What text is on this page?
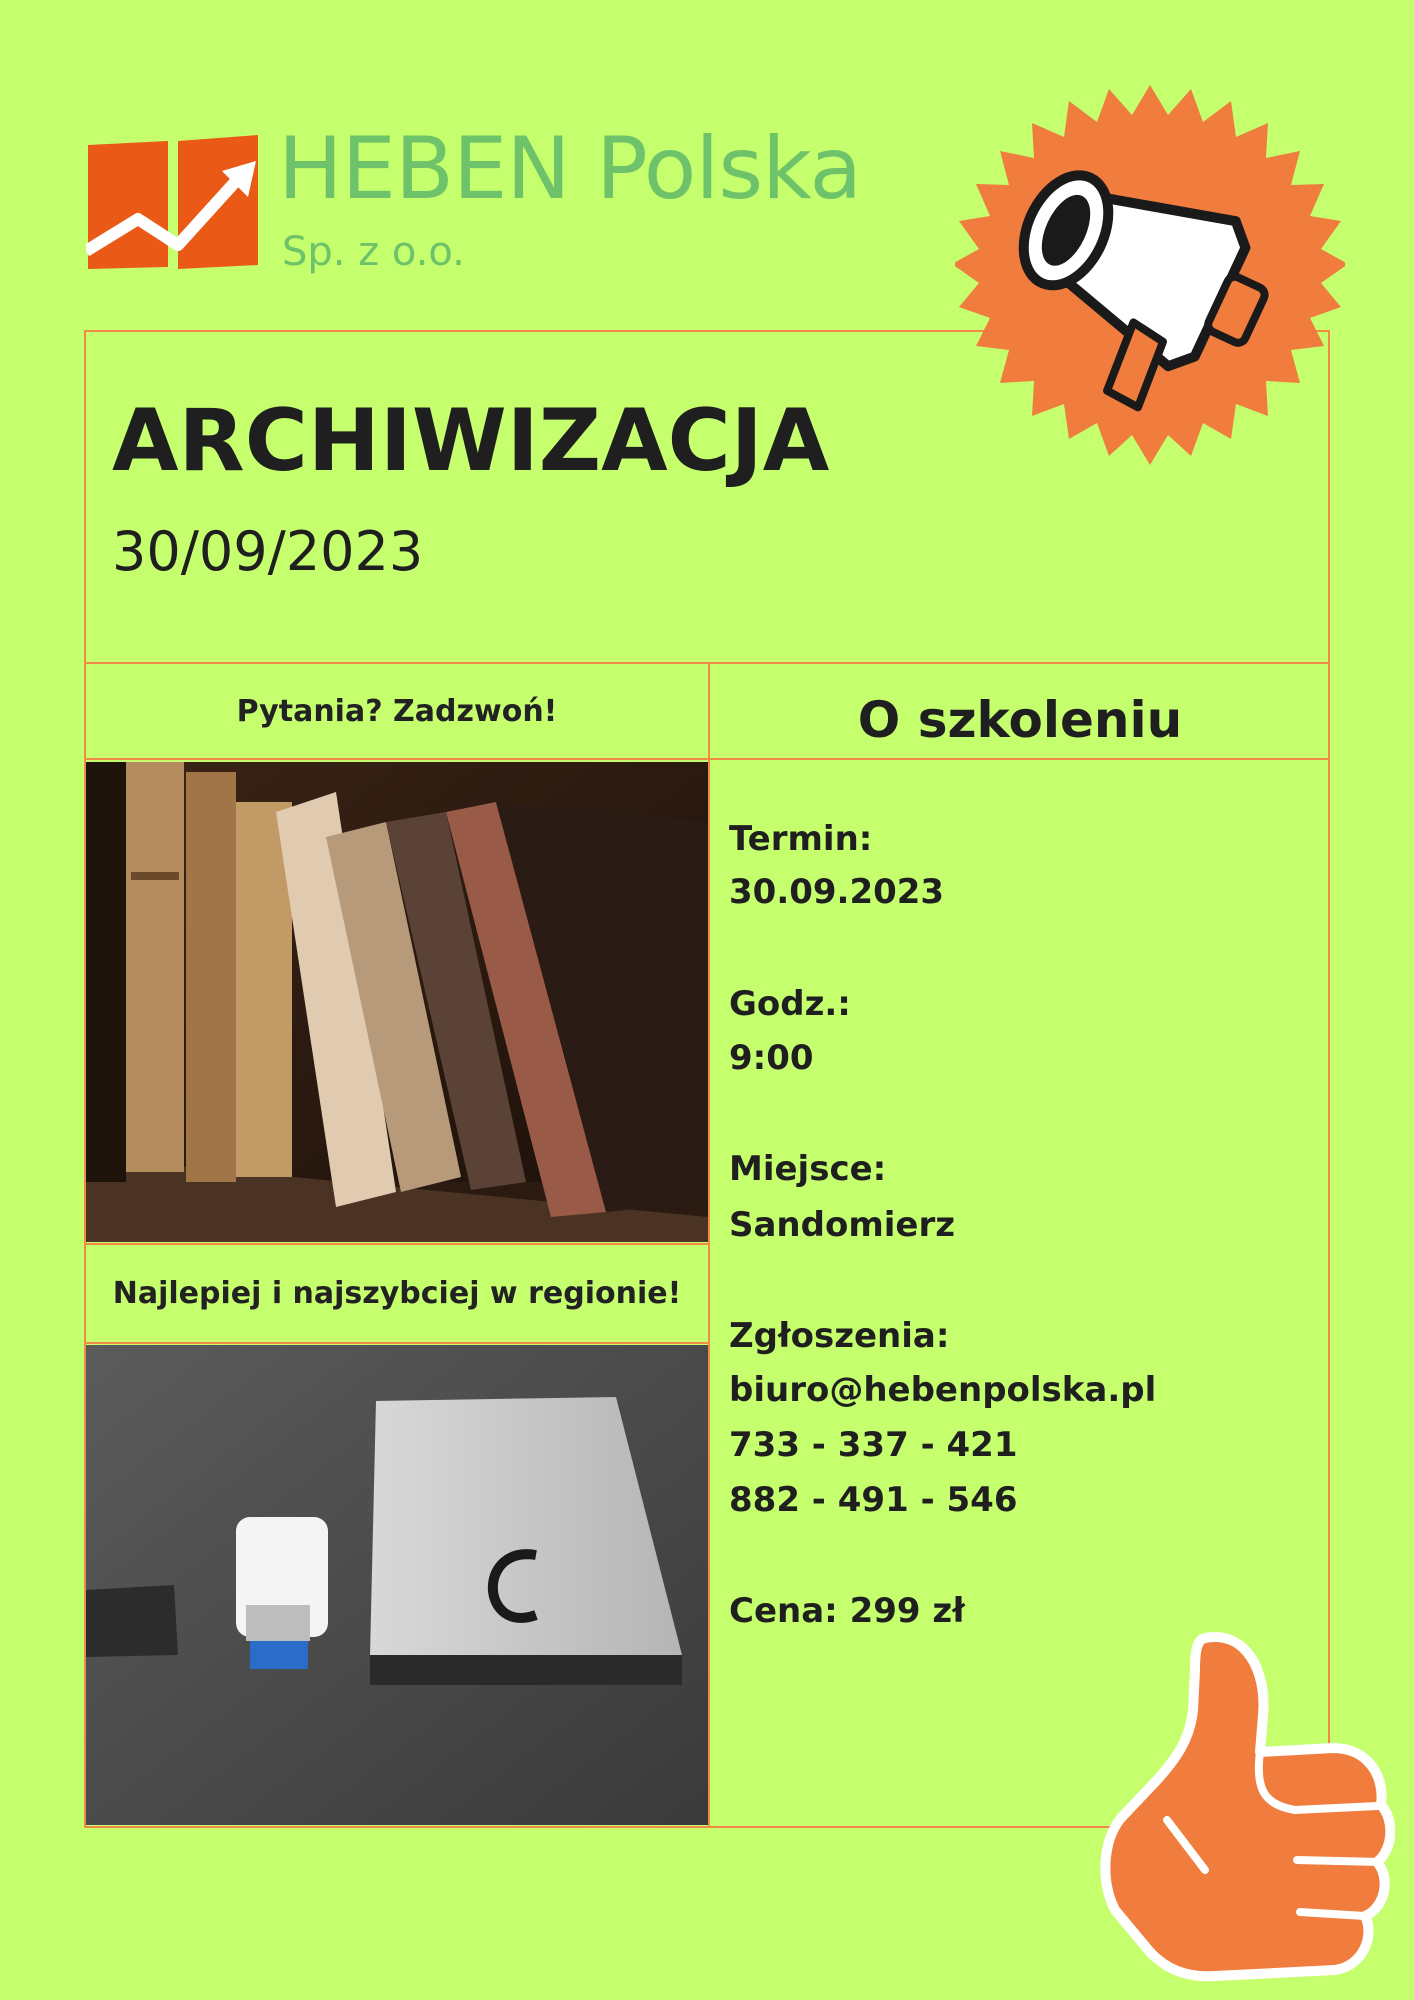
HEBEN Polska
Sp. z o.o.
ARCHIWIZACJA
30/09/2023
Pytania? Zadzwoń!	O szkoleniu
Najlepiej i najszybciej w regionie!
Termin:
30.09.2023
Godz.:
9:00
Miejsce:
Sandomierz
Zgłoszenia:
biuro@hebenpolska.pl
733 - 337 - 421
882 - 491 - 546
Cena: 299 zł
